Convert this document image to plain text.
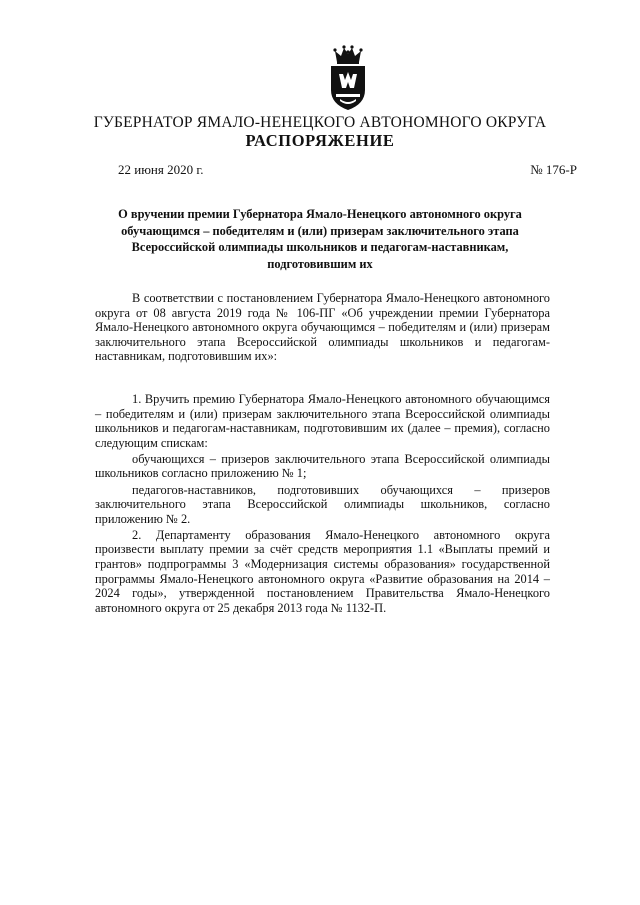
ГУБЕРНАТОР ЯМАЛО-НЕНЕЦКОГО АВТОНОМНОГО ОКРУГА
РАСПОРЯЖЕНИЕ
22 июня 2020 г.	№ 176-Р
О вручении премии Губернатора Ямало-Ненецкого автономного округа обучающимся – победителям и (или) призерам заключительного этапа Всероссийской олимпиады школьников и педагогам-наставникам, подготовившим их

В соответствии с постановлением Губернатора Ямало-Ненецкого автономного округа от 08 августа 2019 года № 106-ПГ «Об учреждении премии Губернатора Ямало-Ненецкого автономного округа обучающимся – победителям и (или) призерам заключительного этапа Всероссийской олимпиады школьников и педагогам-наставникам, подготовившим их»:

1. Вручить премию Губернатора Ямало-Ненецкого автономного обучающимся – победителям и (или) призерам заключительного этапа Всероссийской олимпиады школьников и педагогам-наставникам, подготовившим их (далее – премия), согласно следующим спискам:

обучающихся – призеров заключительного этапа Всероссийской олимпиады школьников согласно приложению № 1;

педагогов-наставников, подготовивших обучающихся – призеров заключительного этапа Всероссийской олимпиады школьников, согласно приложению № 2.

2. Департаменту образования Ямало-Ненецкого автономного округа произвести выплату премии за счёт средств мероприятия 1.1 «Выплаты премий и грантов» подпрограммы 3 «Модернизация системы образования» государственной программы Ямало-Ненецкого автономного округа «Развитие образования на 2014 – 2024 годы», утвержденной постановлением Правительства Ямало-Ненецкого автономного округа от 25 декабря 2013 года № 1132-П.
